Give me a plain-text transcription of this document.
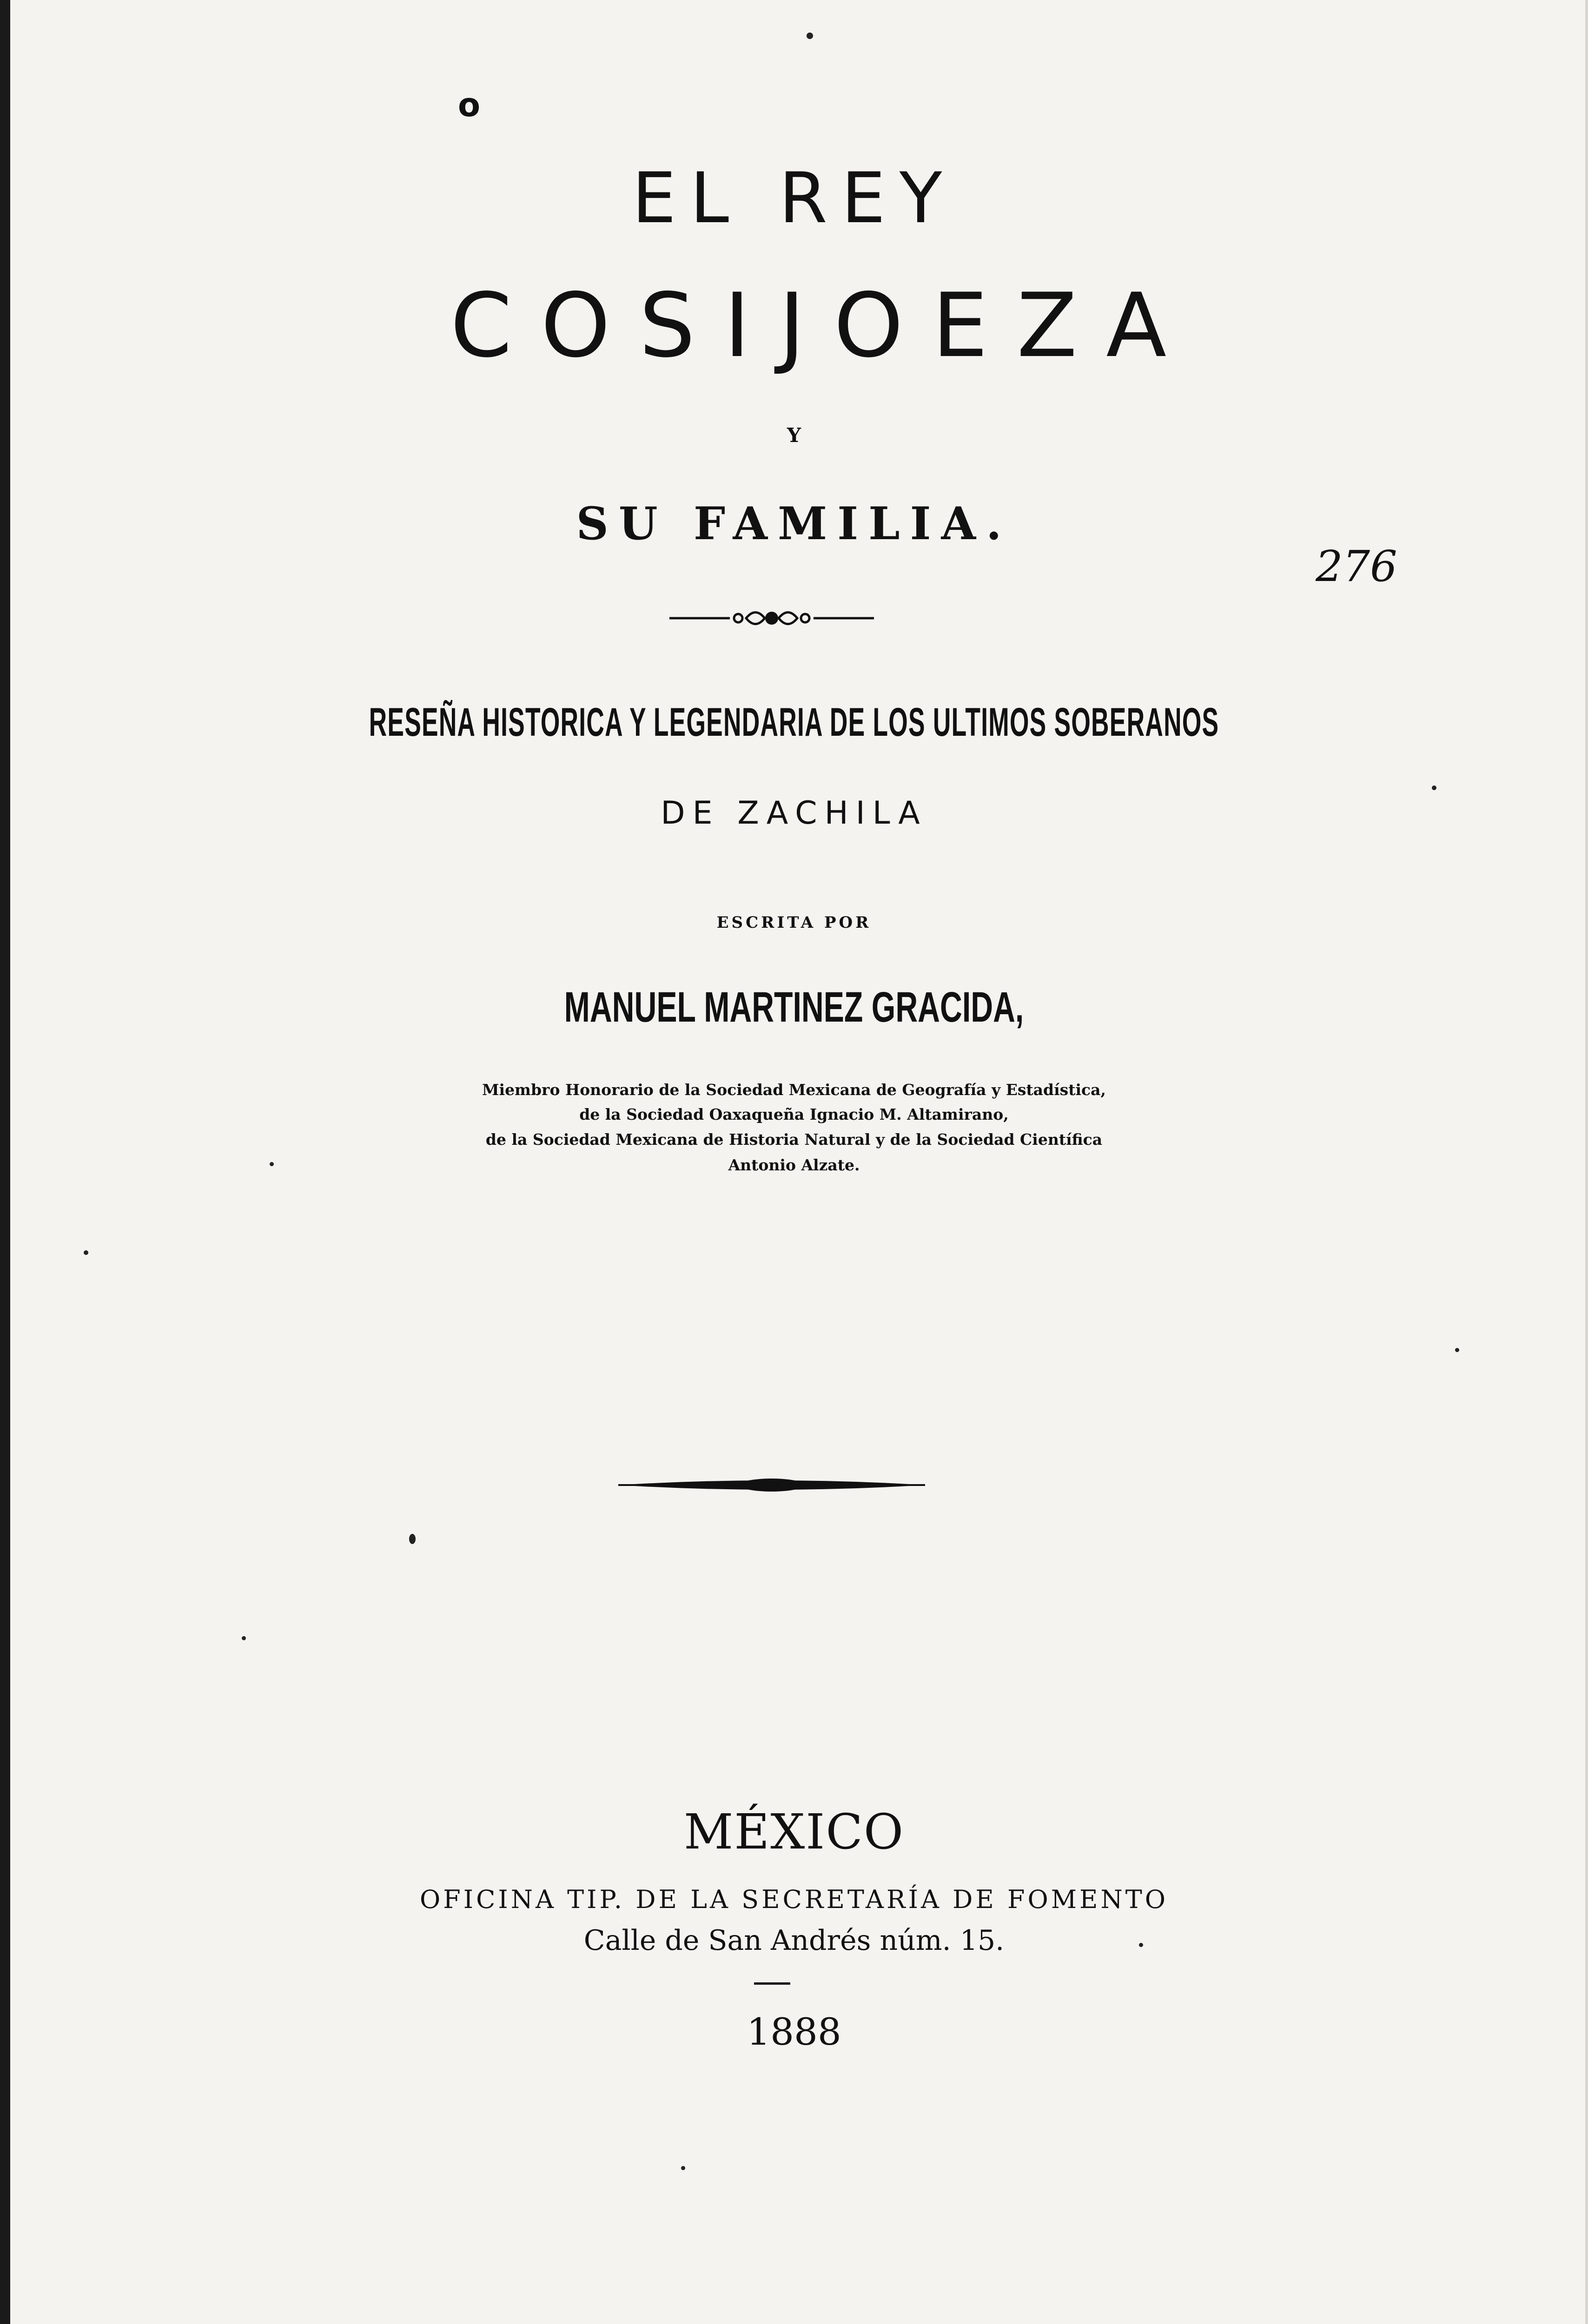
o
EL REY
COSIJOEZA
Y
SU FAMILIA.
276
RESEÑA HISTORICA Y LEGENDARIA DE LOS ULTIMOS SOBERANOS
DE ZACHILA
ESCRITA POR
MANUEL MARTINEZ GRACIDA,
Miembro Honorario de la Sociedad Mexicana de Geografía y Estadística,
de la Sociedad Oaxaqueña Ignacio M. Altamirano,
de la Sociedad Mexicana de Historia Natural y de la Sociedad Científica
Antonio Alzate.
MÉXICO
OFICINA TIP. DE LA SECRETARÍA DE FOMENTO
Calle de San Andrés núm. 15.
1888
